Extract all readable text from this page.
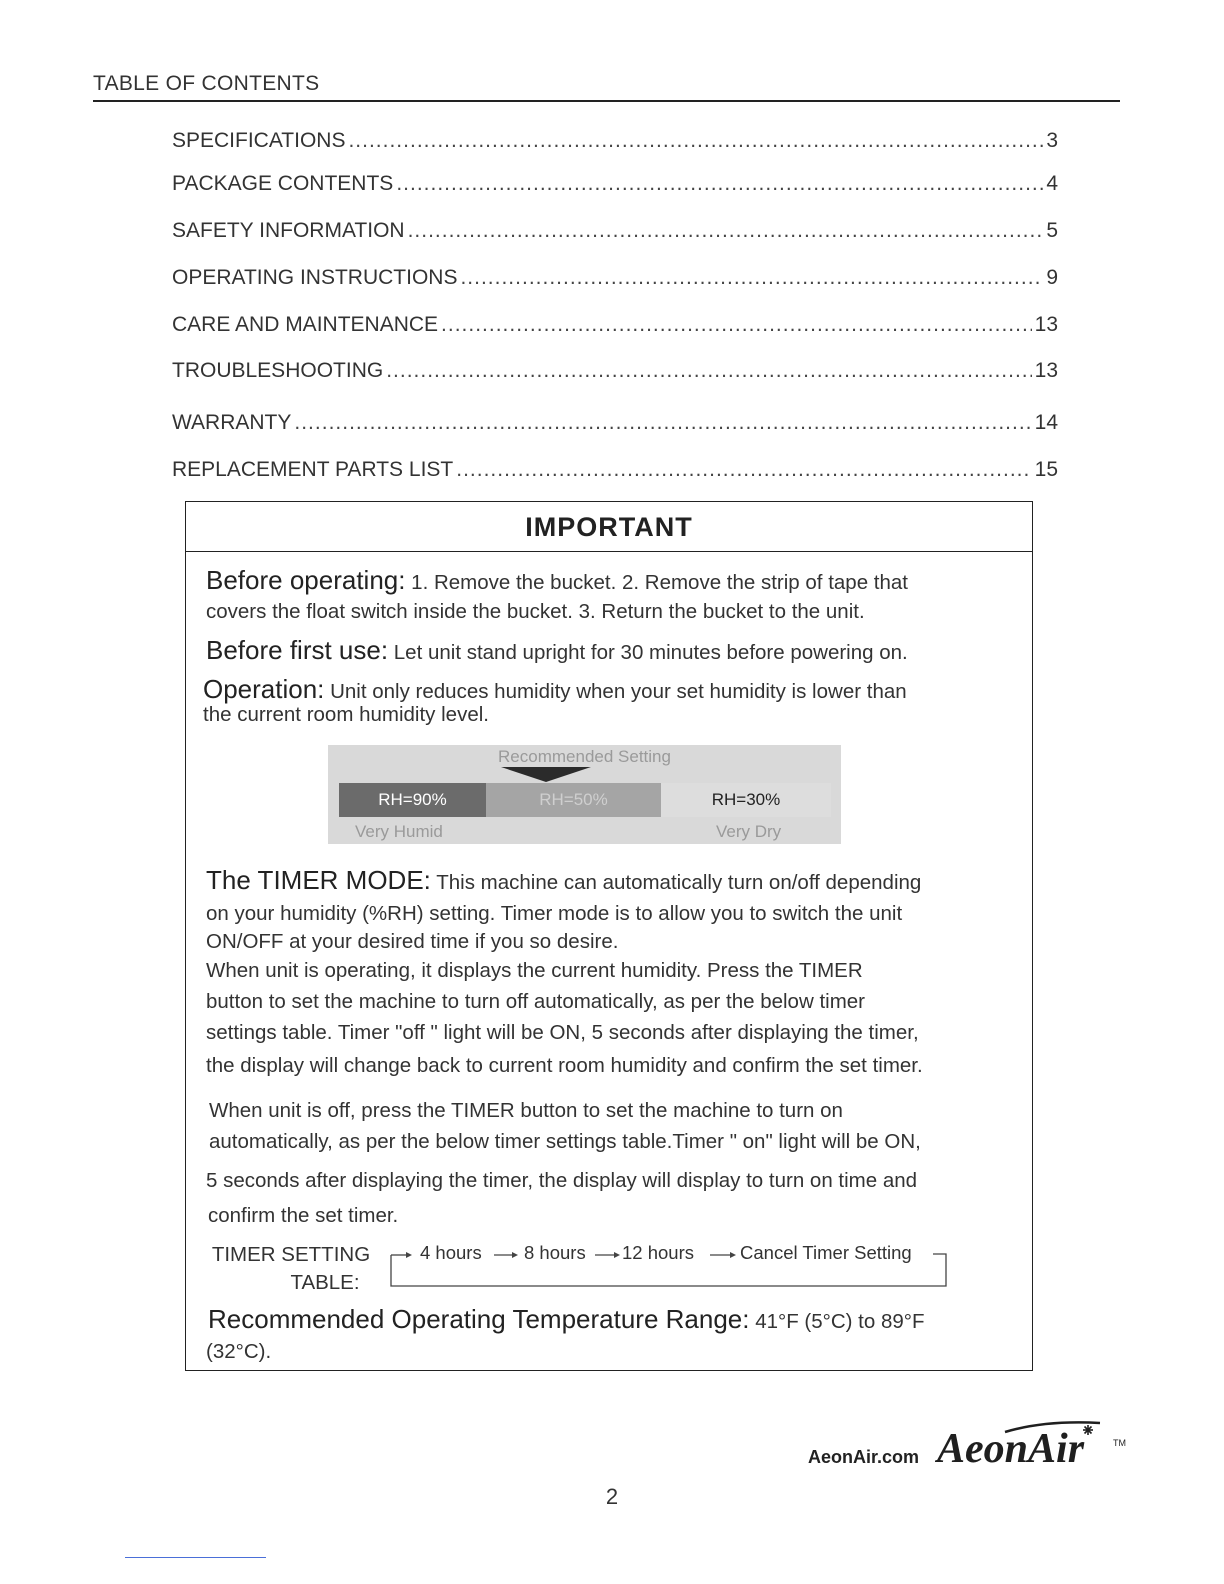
TABLE OF CONTENTS
SPECIFICATIONS .....	3
PACKAGE CONTENTS .....	4
SAFETY INFORMATION .....	5
OPERATING INSTRUCTIONS .....	9
CARE AND MAINTENANCE .....	13
TROUBLESHOOTING .....	13
WARRANTY .....	14
REPLACEMENT PARTS LIST .....	15
IMPORTANT
Before operating: 1. Remove the bucket. 2. Remove the strip of tape that
covers the float switch inside the bucket. 3. Return the bucket to the unit.
Before first use: Let unit stand upright for 30 minutes before powering on.
Operation: Unit only reduces humidity when your set humidity is lower than
the current room humidity level.
Recommended Setting
RH=90%	RH=50%	RH=30%
Very Humid	Very Dry
The TIMER MODE: This machine can automatically turn on/off depending
on your humidity (%RH) setting. Timer mode is to allow you to switch the unit
ON/OFF at your desired time if you so desire.
When unit is operating, it displays the current humidity. Press the TIMER
button to set the machine to turn off automatically, as per the below timer
settings table. Timer "off " light will be ON, 5 seconds after displaying the timer,
the display will change back to current room humidity and confirm the set timer.
When unit is off, press the TIMER button to set the machine to turn on
automatically, as per the below timer settings table.Timer " on" light will be ON,
5 seconds after displaying the timer, the display will display to turn on time and
confirm the set timer.
TIMER SETTING
TABLE:
4 hours 8 hours 12 hours Cancel Timer Setting
Recommended Operating Temperature Range: 41°F (5°C) to 89°F
(32°C).
AeonAir.com AeonAir	TM
2
